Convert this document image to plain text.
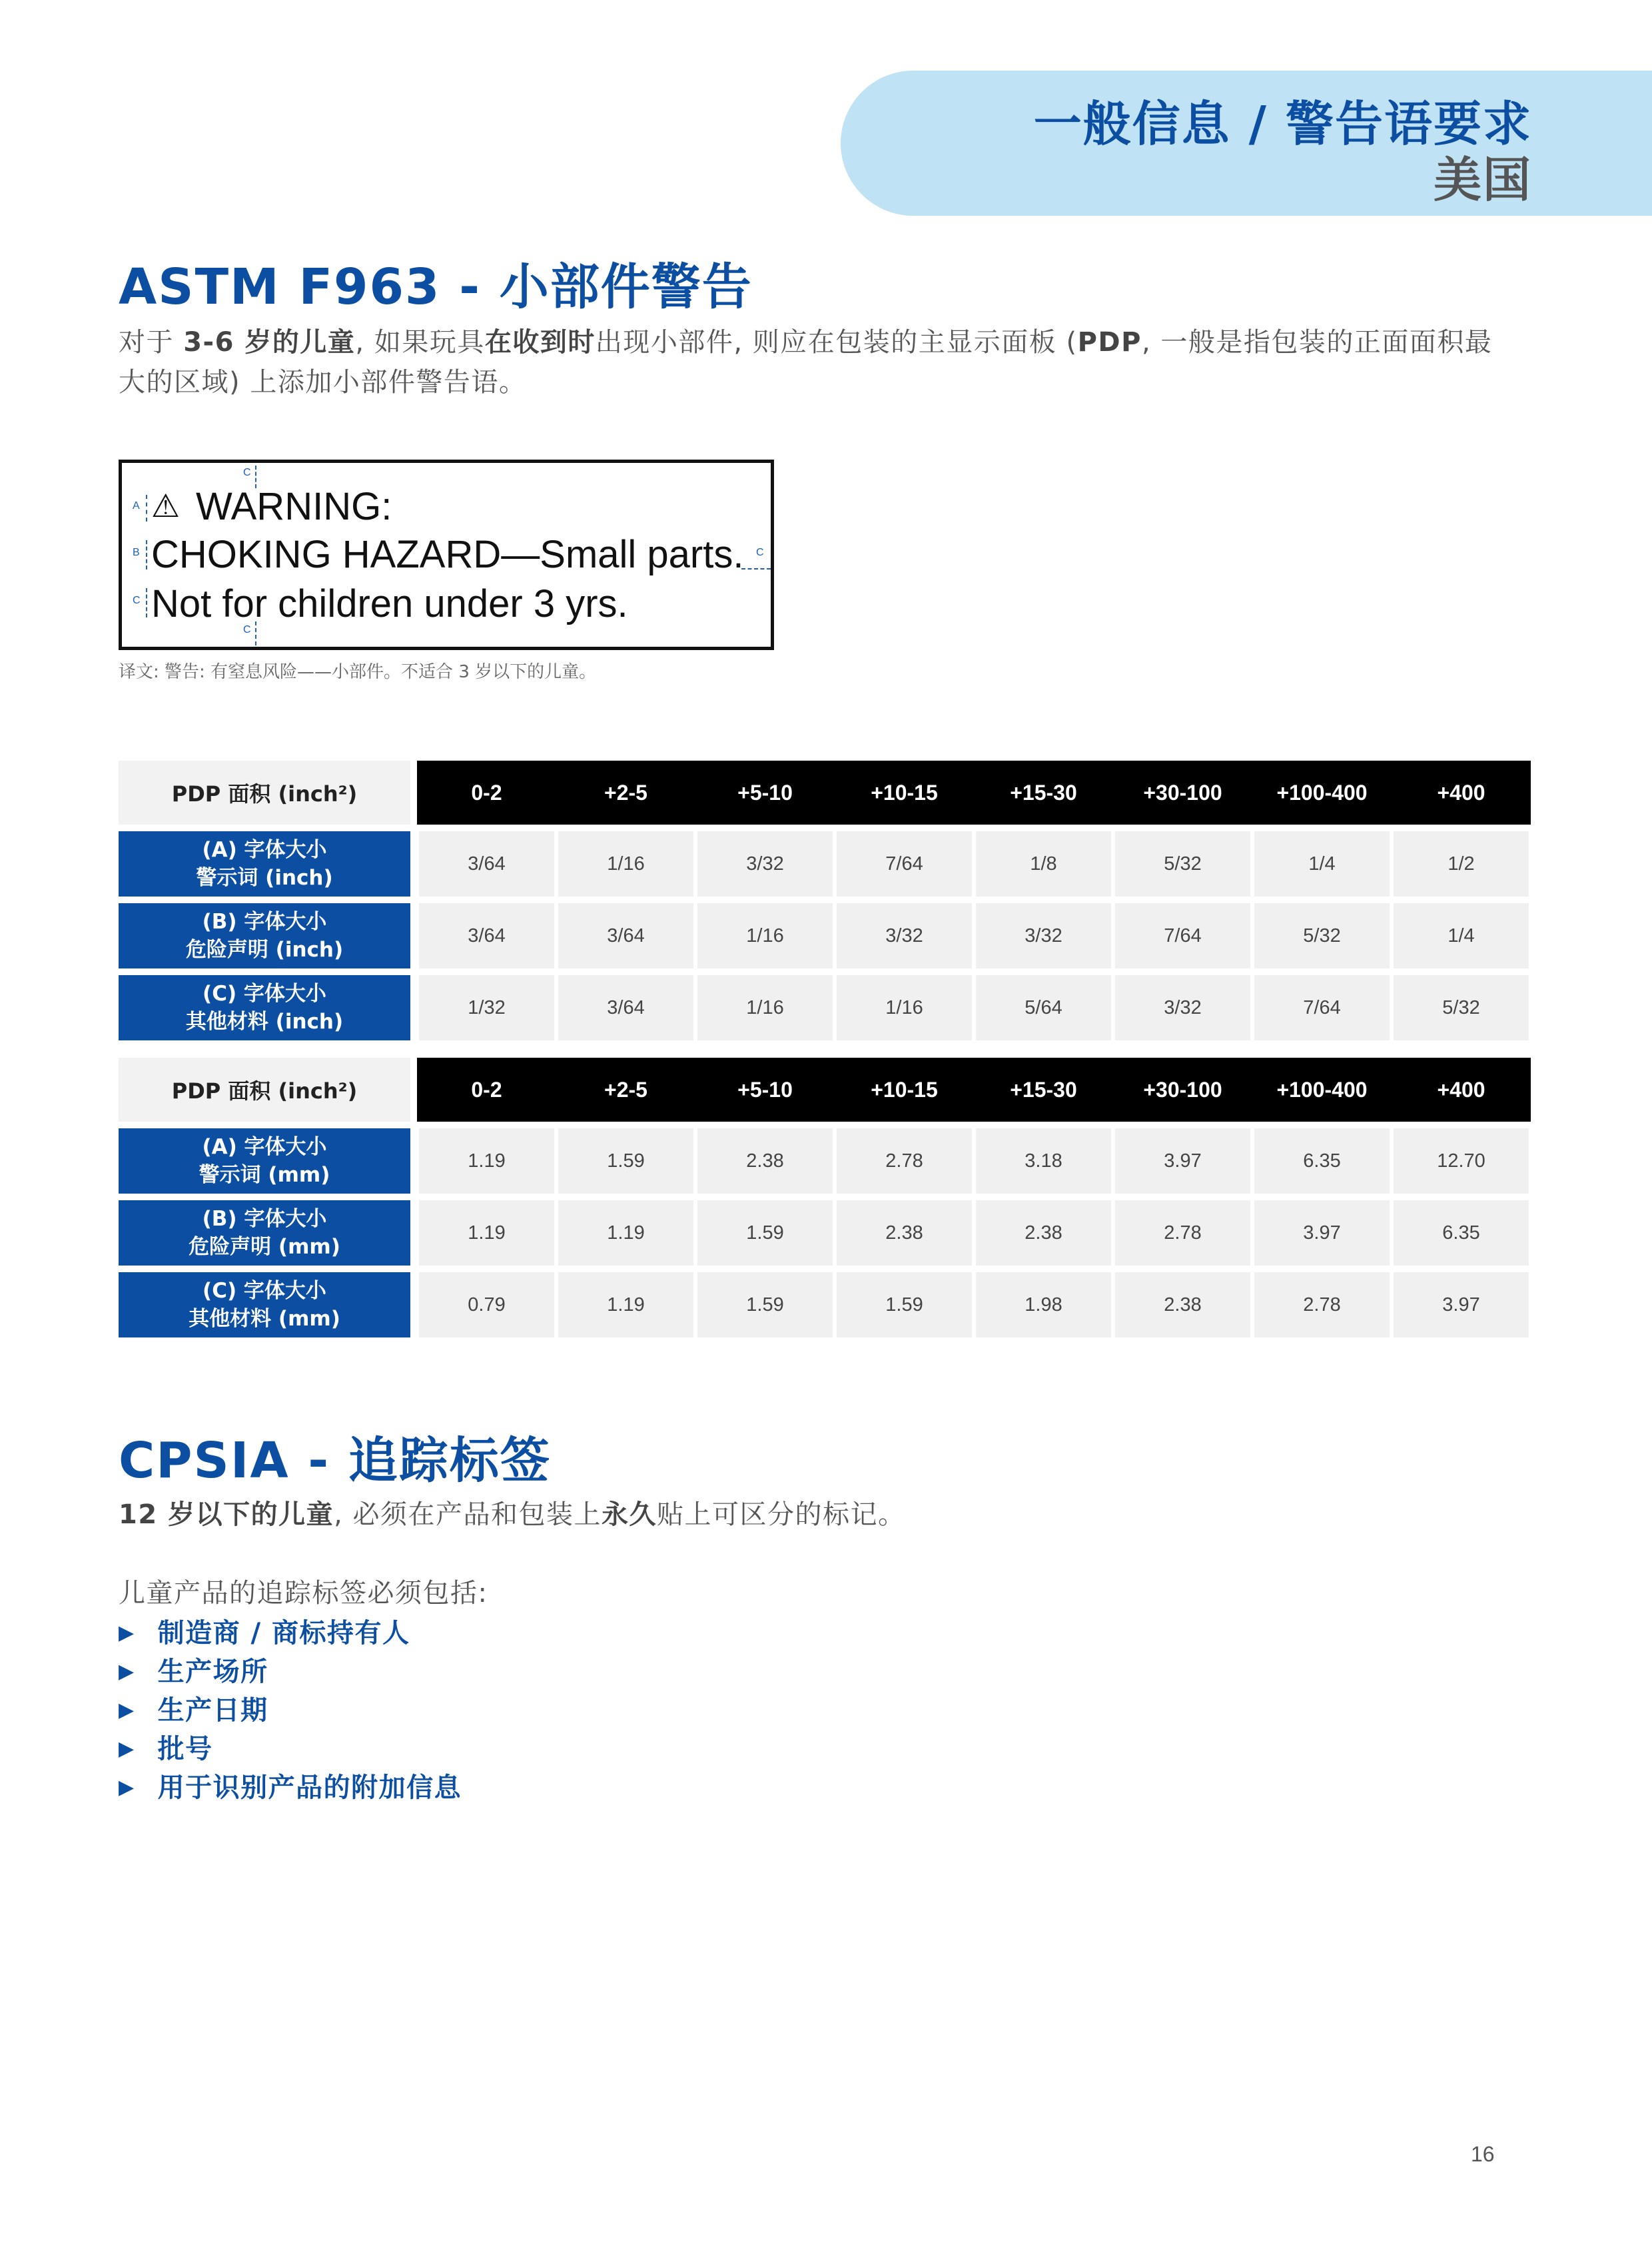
一般信息 / 警告语要求
美国
ASTM F963 - 小部件警告
对于 3-6 岁的儿童, 如果玩具在收到时出现小部件, 则应在包装的主显示面板 (PDP, 一般是指包装的正面面积最
大的区域) 上添加小部件警告语。
⚠ WARNING:
CHOKING HAZARD—Small parts.
Not for children under 3 yrs.
C
A
B	C
C
C
译文: 警告: 有窒息风险——小部件。不适合 3 岁以下的儿童。
PDP 面积 (inch²)	0-2	+2-5	+5-10	+10-15	+15-30	+30-100	+100-400	+400
(A) 字体大小
警示词 (inch)	3/64	1/16	3/32	7/64	1/8	5/32	1/4	1/2
(B) 字体大小
危险声明 (inch)	3/64	3/64	1/16	3/32	3/32	7/64	5/32	1/4
(C) 字体大小
其他材料 (inch)	1/32	3/64	1/16	1/16	5/64	3/32	7/64	5/32
PDP 面积 (inch²)	0-2	+2-5	+5-10	+10-15	+15-30	+30-100	+100-400	+400
(A) 字体大小
警示词 (mm)	1.19	1.59	2.38	2.78	3.18	3.97	6.35	12.70
(B) 字体大小
危险声明 (mm)	1.19	1.19	1.59	2.38	2.38	2.78	3.97	6.35
(C) 字体大小
其他材料 (mm)	0.79	1.19	1.59	1.59	1.98	2.38	2.78	3.97
CPSIA - 追踪标签
12 岁以下的儿童, 必须在产品和包装上永久贴上可区分的标记。
儿童产品的追踪标签必须包括:
▶ 制造商 / 商标持有人
▶ 生产场所
▶ 生产日期
▶ 批号
▶ 用于识别产品的附加信息
16
